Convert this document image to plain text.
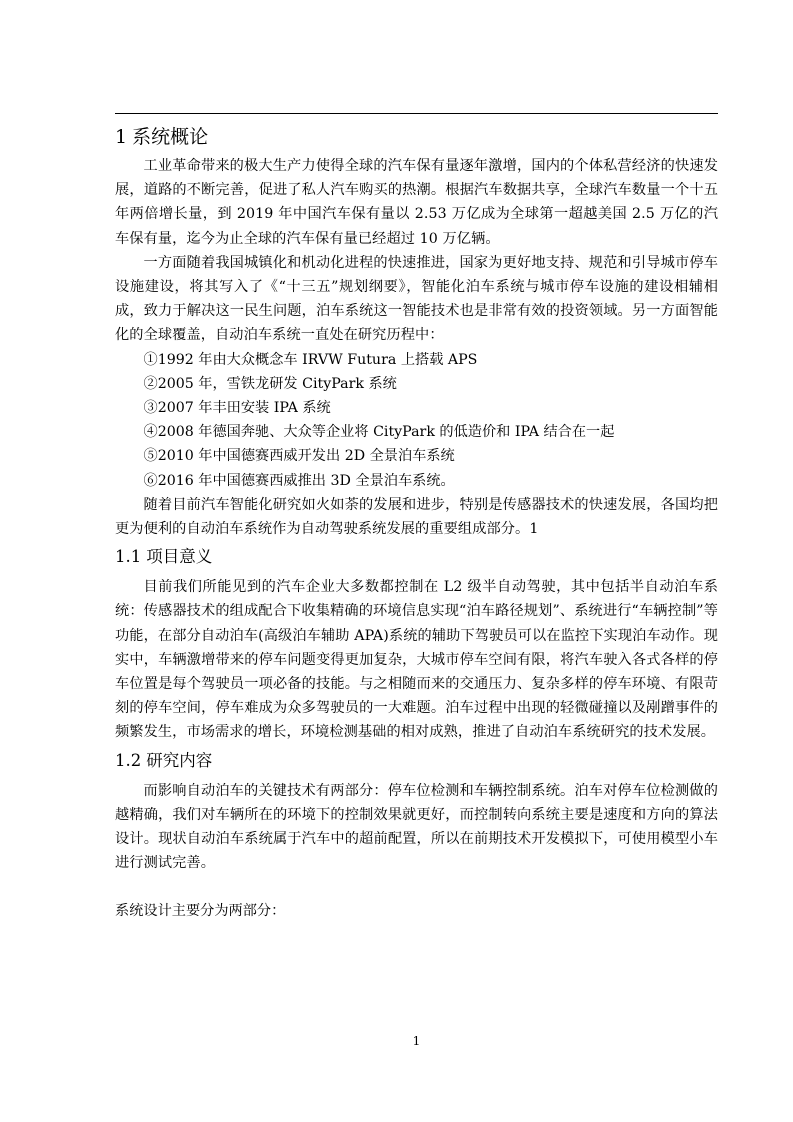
1 系统概论

工业革命带来的极大生产力使得全球的汽车保有量逐年激增，国内的个体私营经济的快速发展，道路的不断完善，促进了私人汽车购买的热潮。根据汽车数据共享，全球汽车数量一个十五年两倍增长量，到 2019 年中国汽车保有量以 2.53 万亿成为全球第一超越美国 2.5 万亿的汽车保有量，迄今为止全球的汽车保有量已经超过 10 万亿辆。

一方面随着我国城镇化和机动化进程的快速推进，国家为更好地支持、规范和引导城市停车设施建设，将其写入了《“十三五”规划纲要》，智能化泊车系统与城市停车设施的建设相辅相成，致力于解决这一民生问题，泊车系统这一智能技术也是非常有效的投资领域。另一方面智能化的全球覆盖，自动泊车系统一直处在研究历程中：

①1992 年由大众概念车 IRVW Futura 上搭载 APS

②2005 年，雪铁龙研发 CityPark 系统

③2007 年丰田安装 IPA 系统

④2008 年德国奔驰、大众等企业将 CityPark 的低造价和 IPA 结合在一起

⑤2010 年中国德赛西威开发出 2D 全景泊车系统

⑥2016 年中国德赛西威推出 3D 全景泊车系统。

随着目前汽车智能化研究如火如荼的发展和进步，特别是传感器技术的快速发展，各国均把更为便利的自动泊车系统作为自动驾驶系统发展的重要组成部分。1

1.1 项目意义

目前我们所能见到的汽车企业大多数都控制在 L2 级半自动驾驶，其中包括半自动泊车系统：传感器技术的组成配合下收集精确的环境信息实现“泊车路径规划”、系统进行“车辆控制”等功能，在部分自动泊车(高级泊车辅助 APA)系统的辅助下驾驶员可以在监控下实现泊车动作。现实中，车辆激增带来的停车问题变得更加复杂，大城市停车空间有限，将汽车驶入各式各样的停车位置是每个驾驶员一项必备的技能。与之相随而来的交通压力、复杂多样的停车环境、有限苛刻的停车空间，停车难成为众多驾驶员的一大难题。泊车过程中出现的轻微碰撞以及剐蹭事件的频繁发生，市场需求的增长，环境检测基础的相对成熟，推进了自动泊车系统研究的技术发展。

1.2 研究内容

而影响自动泊车的关键技术有两部分：停车位检测和车辆控制系统。泊车对停车位检测做的越精确，我们对车辆所在的环境下的控制效果就更好，而控制转向系统主要是速度和方向的算法设计。现状自动泊车系统属于汽车中的超前配置，所以在前期技术开发模拟下，可使用模型小车进行测试完善。

系统设计主要分为两部分：

1
